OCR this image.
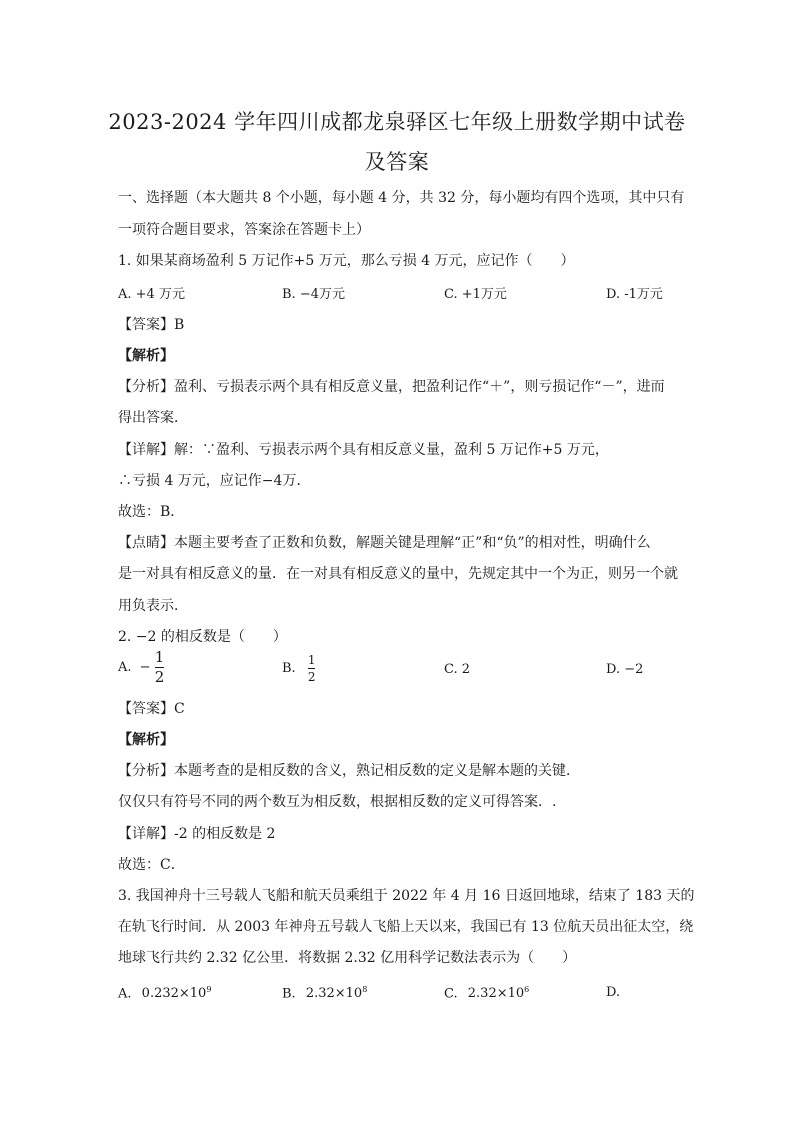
2023-2024 学年四川成都龙泉驿区七年级上册数学期中试卷
及答案
一、选择题（本大题共 8 个小题，每小题 4 分，共 32 分，每小题均有四个选项，其中只有
一项符合题目要求，答案涂在答题卡上）
1. 如果某商场盈利 5 万记作+5 万元，那么亏损 4 万元，应记作（　　）
A. +4 万元	B. −4万元	C. +1万元	D. -1万元
【答案】B
【解析】
【分析】盈利、亏损表示两个具有相反意义量，把盈利记作“＋”，则亏损记作“－”，进而
得出答案．
【详解】解：∵盈利、亏损表示两个具有相反意义量，盈利 5 万记作+5 万元，
∴亏损 4 万元，应记作−4万．
故选：B．
【点睛】本题主要考查了正数和负数，解题关键是理解“正”和“负”的相对性，明确什么
是一对具有相反意义的量．在一对具有相反意义的量中，先规定其中一个为正，则另一个就
用负表示．
2. −2 的相反数是（　　）
A. − $\frac{1}{2}$	B. $\frac{1}{2}$	C. 2	D. −2
【答案】C
【解析】
【分析】本题考查的是相反数的含义，熟记相反数的定义是解本题的关键．
仅仅只有符号不同的两个数互为相反数，根据相反数的定义可得答案．.
【详解】-2 的相反数是 2
故选：C．
3. 我国神舟十三号载人飞船和航天员乘组于 2022 年 4 月 16 日返回地球，结束了 183 天的
在轨飞行时间．从 2003 年神舟五号载人飞船上天以来，我国已有 13 位航天员出征太空，绕
地球飞行共约 2.32 亿公里．将数据 2.32 亿用科学记数法表示为（　　）
A. $0.232\times 10^9$	B. $2.32\times 10^8$	C. $2.32\times 10^6$	D.
